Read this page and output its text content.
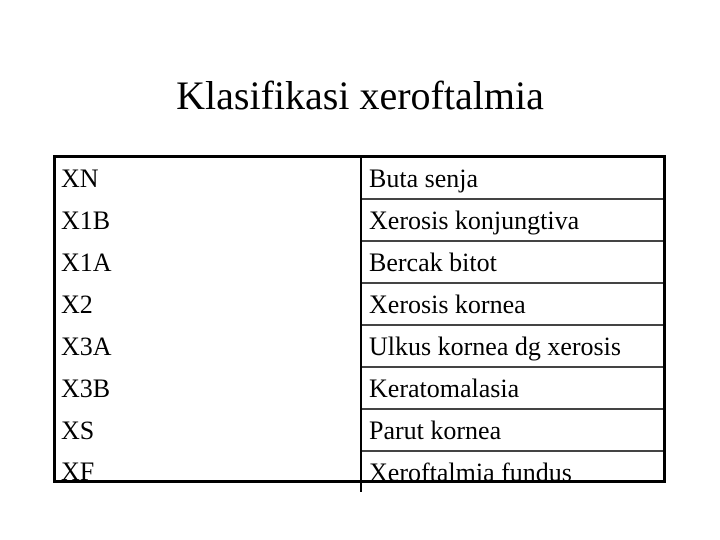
Klasifikasi xeroftalmia
XN	Buta senja
X1B	Xerosis konjungtiva
X1A	Bercak bitot
X2	Xerosis kornea
X3A	Ulkus kornea dg xerosis
X3B	Keratomalasia
XS	Parut kornea
XF	Xeroftalmia fundus
